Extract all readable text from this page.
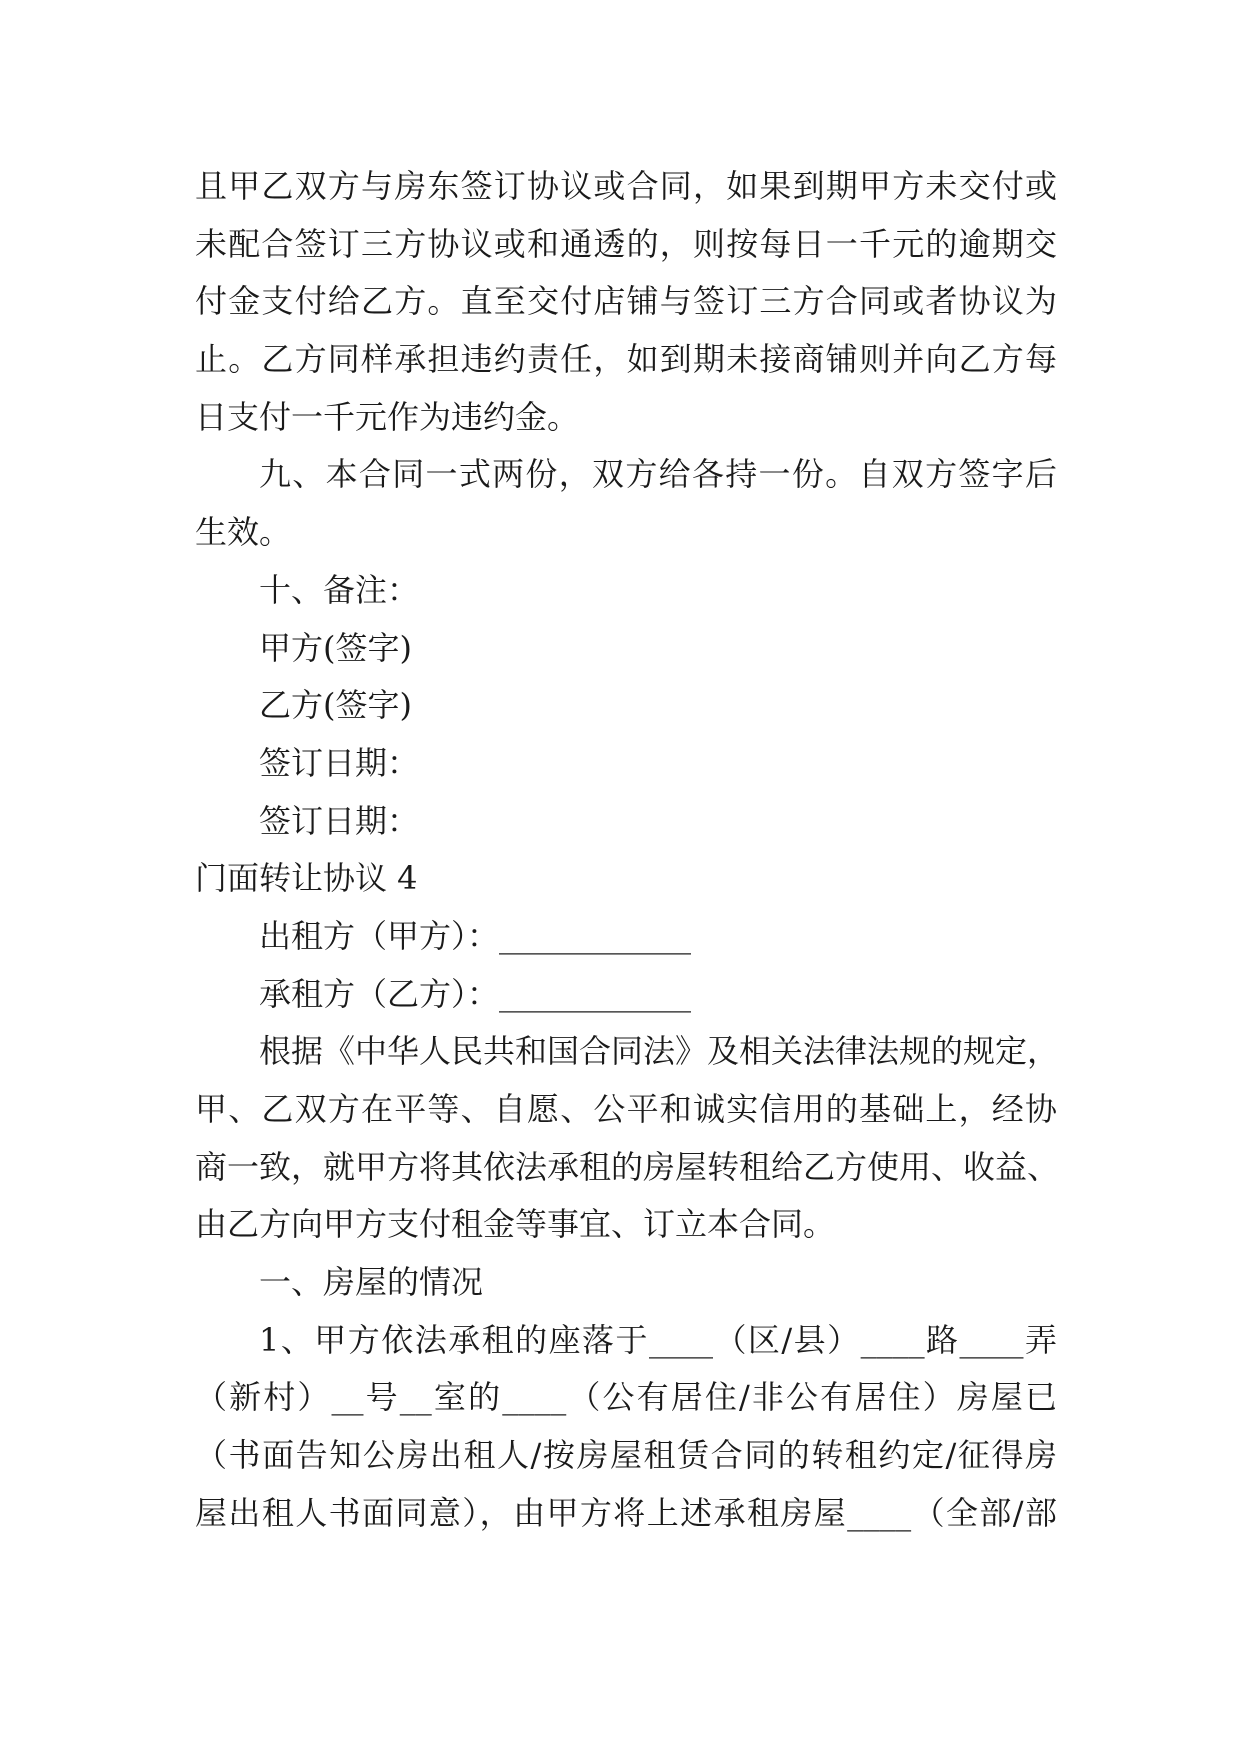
且甲乙双方与房东签订协议或合同，如果到期甲方未交付或
未配合签订三方协议或和通透的，则按每日一千元的逾期交
付金支付给乙方。直至交付店铺与签订三方合同或者协议为
止。乙方同样承担违约责任，如到期未接商铺则并向乙方每
日支付一千元作为违约金。
九、本合同一式两份，双方给各持一份。自双方签字后
生效。
十、备注：
甲方(签字)
乙方(签字)
签订日期：
签订日期：
门面转让协议 4
出租方（甲方）：____________
承租方（乙方）：____________
根据《中华人民共和国合同法》及相关法律法规的规定，
甲、乙双方在平等、自愿、公平和诚实信用的基础上，经协
商一致，就甲方将其依法承租的房屋转租给乙方使用、收益、
由乙方向甲方支付租金等事宜、订立本合同。
一、房屋的情况
1、甲方依法承租的座落于____（区/县）____路____弄
（新村）__号__室的____（公有居住/非公有居住）房屋已
（书面告知公房出租人/按房屋租赁合同的转租约定/征得房
屋出租人书面同意），由甲方将上述承租房屋____（全部/部
